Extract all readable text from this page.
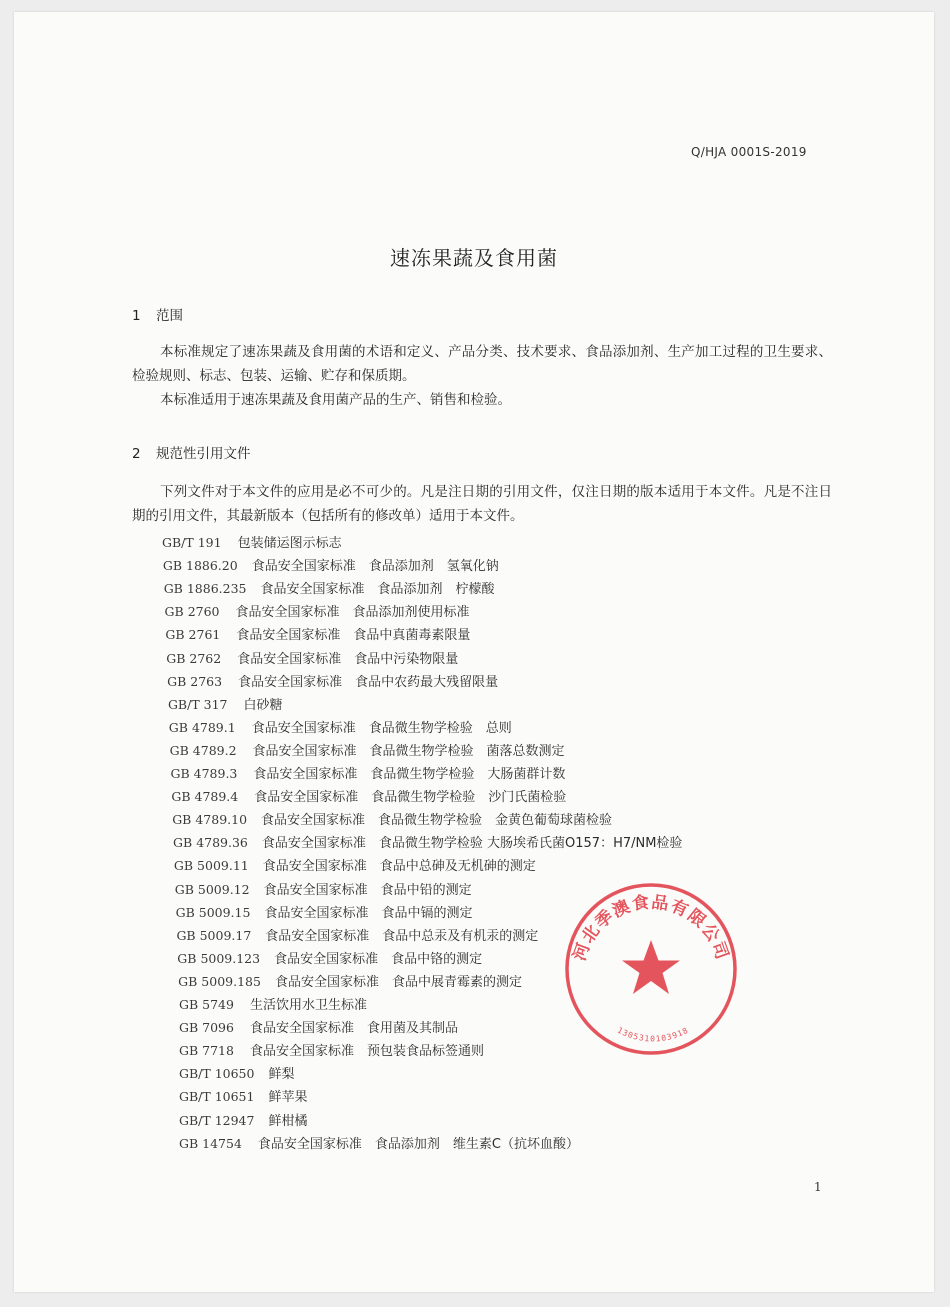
Q/HJA 0001S-2019
速冻果蔬及食用菌
1 范围
本标准规定了速冻果蔬及食用菌的术语和定义、产品分类、技术要求、食品添加剂、生产加工过程的卫生要求、检验规则、标志、包装、运输、贮存和保质期。
本标准适用于速冻果蔬及食用菌产品的生产、销售和检验。
2 规范性引用文件
下列文件对于本文件的应用是必不可少的。凡是注日期的引用文件，仅注日期的版本适用于本文件。凡是不注日期的引用文件，其最新版本（包括所有的修改单）适用于本文件。
GB/T 191 包装储运图示标志
GB 1886.20 食品安全国家标准　食品添加剂　氢氧化钠
GB 1886.235 食品安全国家标准　食品添加剂　柠檬酸
GB 2760 食品安全国家标准　食品添加剂使用标准
GB 2761 食品安全国家标准　食品中真菌毒素限量
GB 2762 食品安全国家标准　食品中污染物限量
GB 2763 食品安全国家标准　食品中农药最大残留限量
GB/T 317 白砂糖
GB 4789.1 食品安全国家标准　食品微生物学检验　总则
GB 4789.2 食品安全国家标准　食品微生物学检验　菌落总数测定
GB 4789.3 食品安全国家标准　食品微生物学检验　大肠菌群计数
GB 4789.4 食品安全国家标准　食品微生物学检验　沙门氏菌检验
GB 4789.10 食品安全国家标准　食品微生物学检验　金黄色葡萄球菌检验
GB 4789.36 食品安全国家标准　食品微生物学检验 大肠埃希氏菌O157：H7/NM检验
GB 5009.11 食品安全国家标准　食品中总砷及无机砷的测定
GB 5009.12 食品安全国家标准　食品中铅的测定
GB 5009.15 食品安全国家标准　食品中镉的测定
GB 5009.17 食品安全国家标准　食品中总汞及有机汞的测定
GB 5009.123 食品安全国家标准　食品中铬的测定
GB 5009.185 食品安全国家标准　食品中展青霉素的测定
GB 5749 生活饮用水卫生标准
GB 7096 食品安全国家标准　食用菌及其制品
GB 7718 食品安全国家标准　预包装食品标签通则
GB/T 10650 鲜梨
GB/T 10651 鲜苹果
GB/T 12947 鲜柑橘
GB 14754 食品安全国家标准　食品添加剂　维生素C（抗坏血酸）
河北季澳食品有限公司
1305310103918
1
